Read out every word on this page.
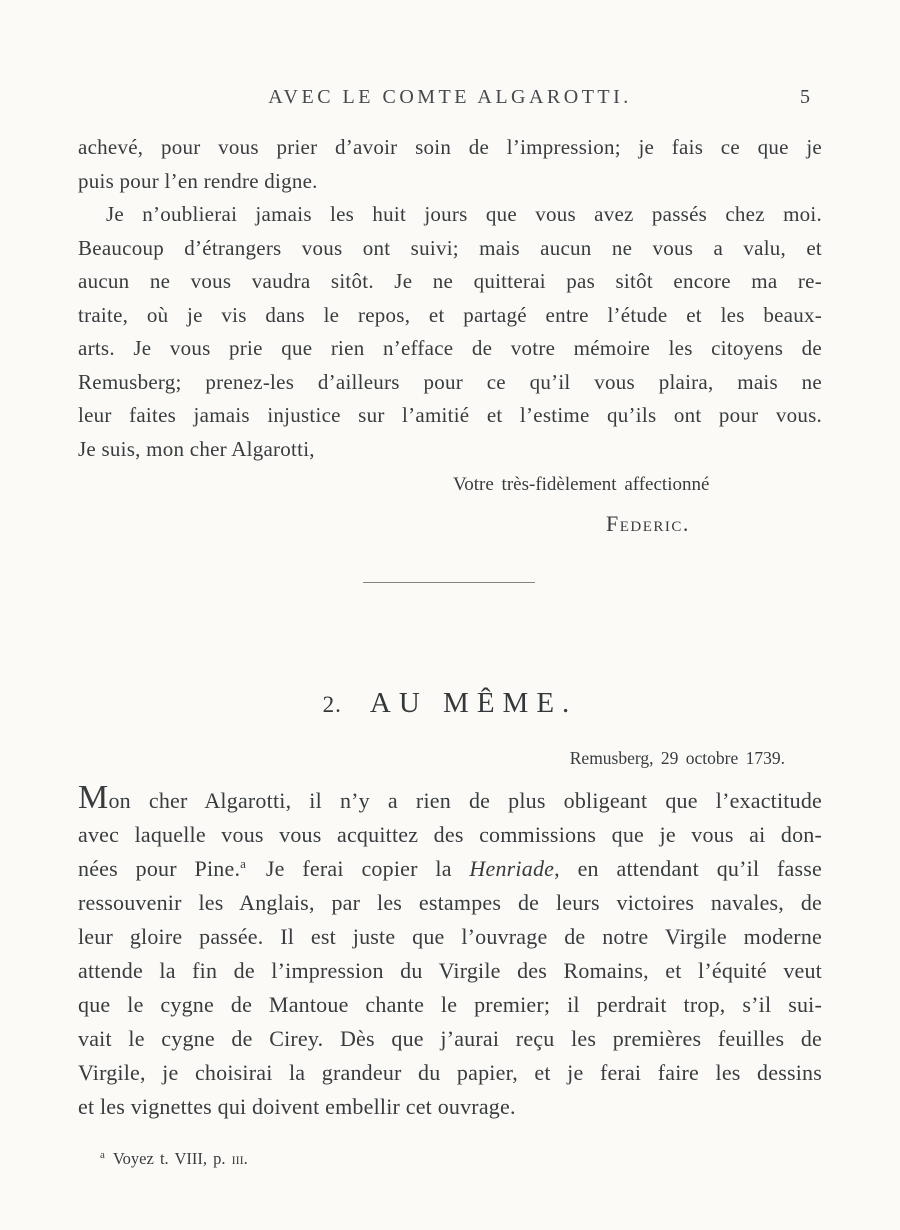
AVEC LE COMTE ALGAROTTI.	5
achevé, pour vous prier d’avoir soin de l’impression; je fais ce que je
puis pour l’en rendre digne.
Je n’oublierai jamais les huit jours que vous avez passés chez moi.
Beaucoup d’étrangers vous ont suivi; mais aucun ne vous a valu, et
aucun ne vous vaudra sitôt. Je ne quitterai pas sitôt encore ma re-
traite, où je vis dans le repos, et partagé entre l’étude et les beaux-
arts. Je vous prie que rien n’efface de votre mémoire les citoyens de
Remusberg; prenez-les d’ailleurs pour ce qu’il vous plaira, mais ne
leur faites jamais injustice sur l’amitié et l’estime qu’ils ont pour vous.
Je suis, mon cher Algarotti,
Votre très-fidèlement affectionné
Federic.
2. AU MÊME.
Remusberg, 29 octobre 1739.
Mon cher Algarotti, il n’y a rien de plus obligeant que l’exactitude
avec laquelle vous vous acquittez des commissions que je vous ai don-
nées pour Pine.$^a$ Je ferai copier la Henriade, en attendant qu’il fasse
ressouvenir les Anglais, par les estampes de leurs victoires navales, de
leur gloire passée. Il est juste que l’ouvrage de notre Virgile moderne
attende la fin de l’impression du Virgile des Romains, et l’équité veut
que le cygne de Mantoue chante le premier; il perdrait trop, s’il sui-
vait le cygne de Cirey. Dès que j’aurai reçu les premières feuilles de
Virgile, je choisirai la grandeur du papier, et je ferai faire les dessins
et les vignettes qui doivent embellir cet ouvrage.
$^a$ Voyez t. VIII, p. iii.
